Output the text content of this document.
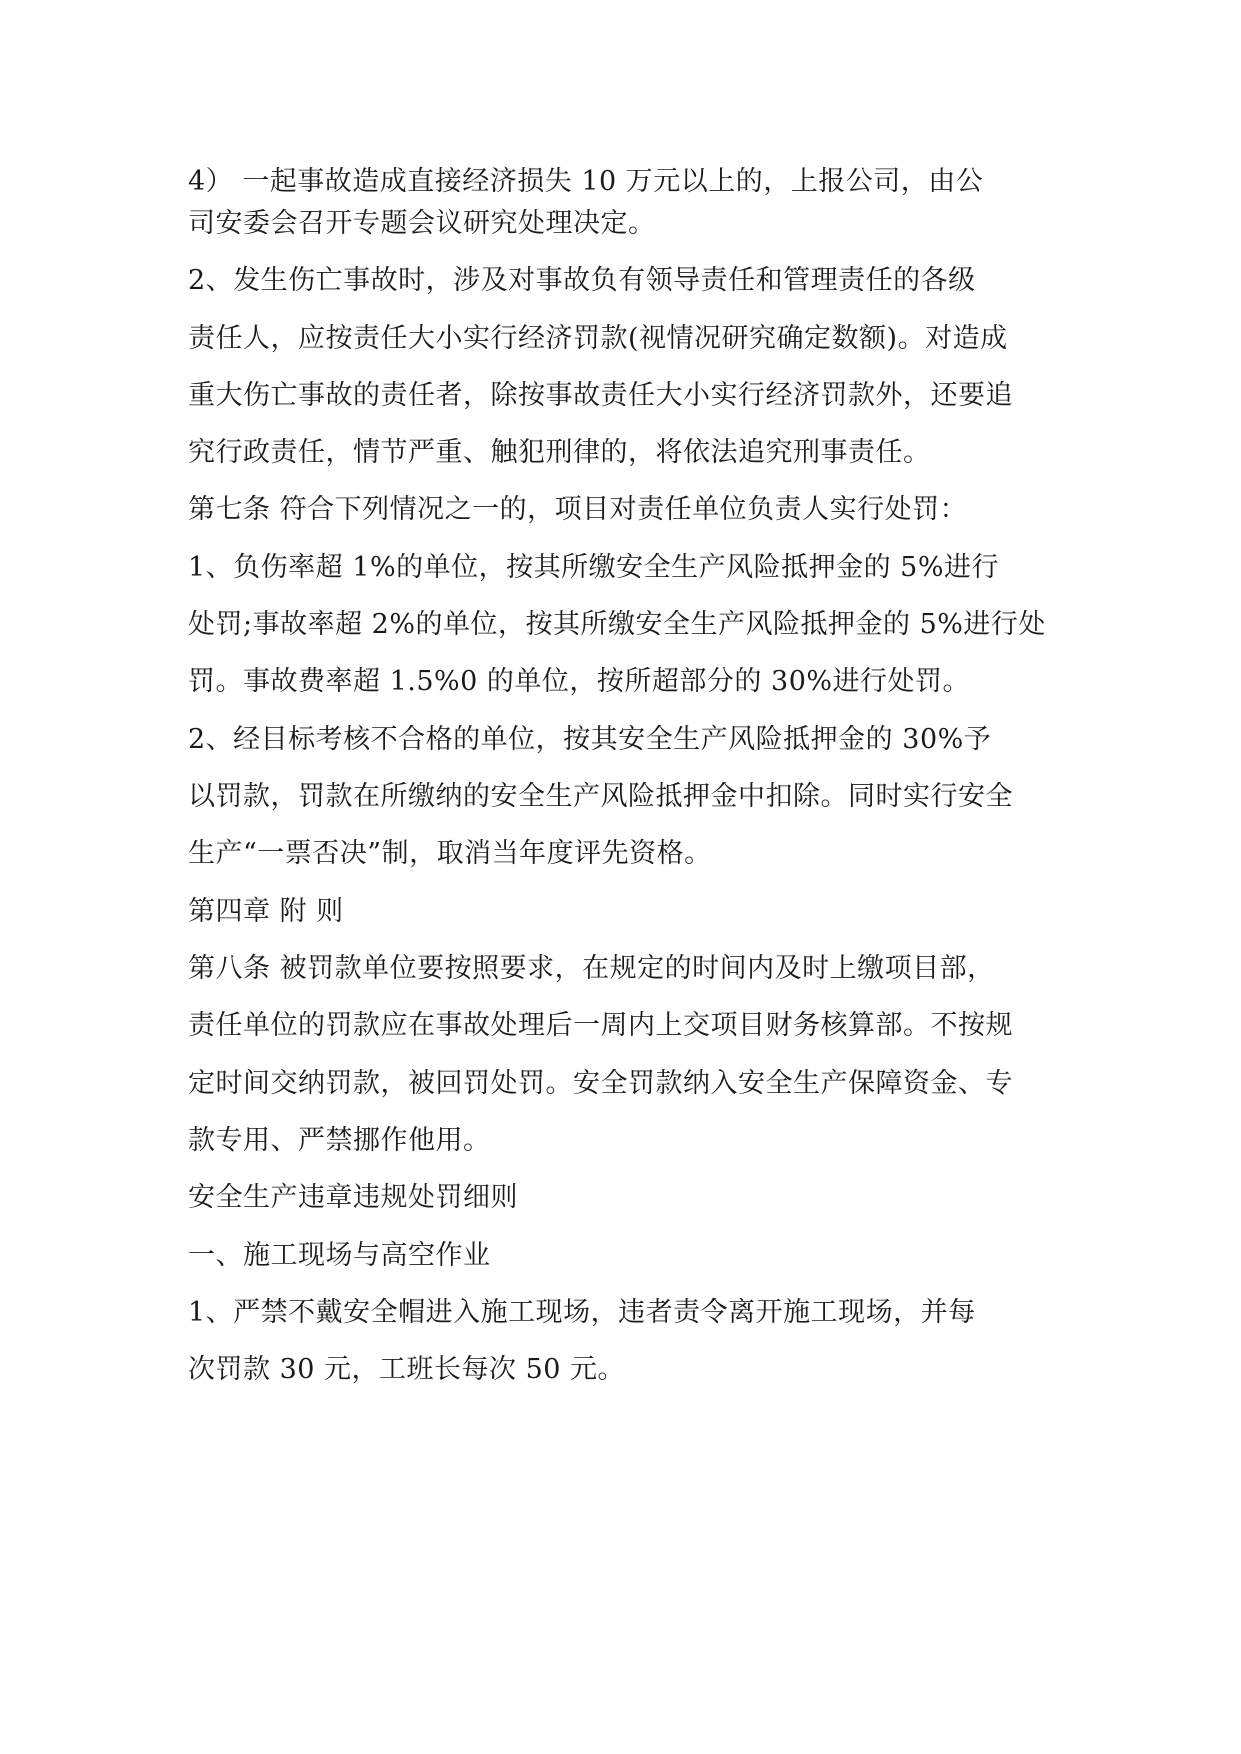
4） 一起事故造成直接经济损失 10 万元以上的，上报公司，由公
司安委会召开专题会议研究处理决定。
2、发生伤亡事故时，涉及对事故负有领导责任和管理责任的各级
责任人，应按责任大小实行经济罚款(视情况研究确定数额)。对造成
重大伤亡事故的责任者，除按事故责任大小实行经济罚款外，还要追
究行政责任，情节严重、触犯刑律的，将依法追究刑事责任。
第七条 符合下列情况之一的，项目对责任单位负责人实行处罚：
1、负伤率超 1%的单位，按其所缴安全生产风险抵押金的 5%进行
处罚;事故率超 2%的单位，按其所缴安全生产风险抵押金的 5%进行处
罚。事故费率超 1.5%0 的单位，按所超部分的 30%进行处罚。
2、经目标考核不合格的单位，按其安全生产风险抵押金的 30%予
以罚款，罚款在所缴纳的安全生产风险抵押金中扣除。同时实行安全
生产“一票否决”制，取消当年度评先资格。
第四章 附 则
第八条 被罚款单位要按照要求，在规定的时间内及时上缴项目部，
责任单位的罚款应在事故处理后一周内上交项目财务核算部。不按规
定时间交纳罚款，被回罚处罚。安全罚款纳入安全生产保障资金、专
款专用、严禁挪作他用。
安全生产违章违规处罚细则
一、施工现场与高空作业
1、严禁不戴安全帽进入施工现场，违者责令离开施工现场，并每
次罚款 30 元，工班长每次 50 元。
